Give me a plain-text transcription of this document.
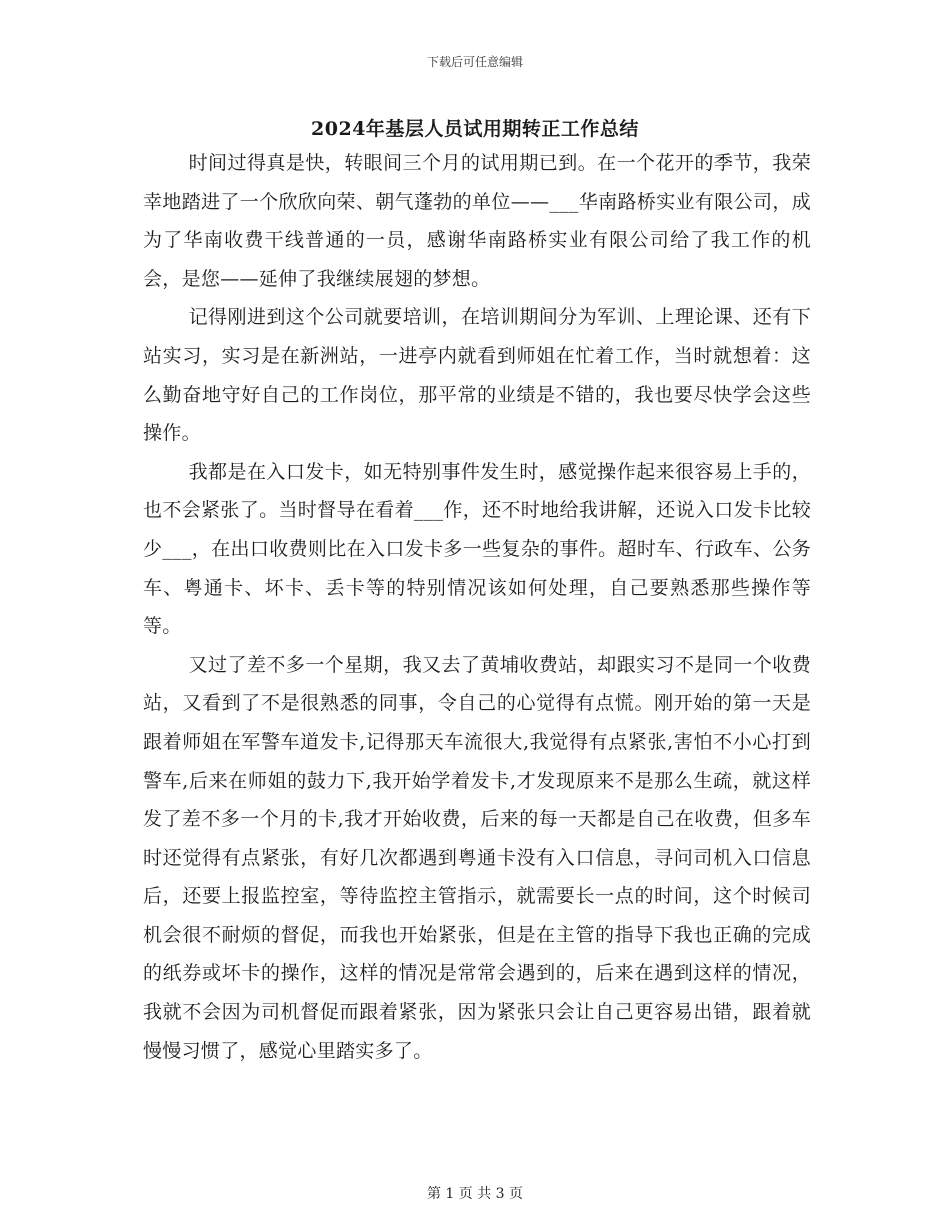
下载后可任意编辑
2024年基层人员试用期转正工作总结

时间过得真是快，转眼间三个月的试用期已到。在一个花开的季节，我荣幸地踏进了一个欣欣向荣、朝气蓬勃的单位——___华南路桥实业有限公司，成为了华南收费干线普通的一员，感谢华南路桥实业有限公司给了我工作的机会，是您——延伸了我继续展翅的梦想。

记得刚进到这个公司就要培训，在培训期间分为军训、上理论课、还有下站实习，实习是在新洲站，一进亭内就看到师姐在忙着工作，当时就想着：这么勤奋地守好自己的工作岗位，那平常的业绩是不错的，我也要尽快学会这些操作。

我都是在入口发卡，如无特别事件发生时，感觉操作起来很容易上手的，也不会紧张了。当时督导在看着___作，还不时地给我讲解，还说入口发卡比较少___，在出口收费则比在入口发卡多一些复杂的事件。超时车、行政车、公务车、粤通卡、坏卡、丢卡等的特别情况该如何处理，自己要熟悉那些操作等等。

又过了差不多一个星期，我又去了黄埔收费站，却跟实习不是同一个收费站，又看到了不是很熟悉的同事，令自己的心觉得有点慌。刚开始的第一天是跟着师姐在军警车道发卡,记得那天车流很大,我觉得有点紧张,害怕不小心打到警车,后来在师姐的鼓力下,我开始学着发卡,才发现原来不是那么生疏，就这样发了差不多一个月的卡,我才开始收费，后来的每一天都是自己在收费，但多车时还觉得有点紧张，有好几次都遇到粤通卡没有入口信息，寻问司机入口信息后，还要上报监控室，等待监控主管指示，就需要长一点的时间，这个时候司机会很不耐烦的督促，而我也开始紧张，但是在主管的指导下我也正确的完成的纸券或坏卡的操作，这样的情况是常常会遇到的，后来在遇到这样的情况，我就不会因为司机督促而跟着紧张，因为紧张只会让自己更容易出错，跟着就慢慢习惯了，感觉心里踏实多了。

第 1 页 共 3 页
